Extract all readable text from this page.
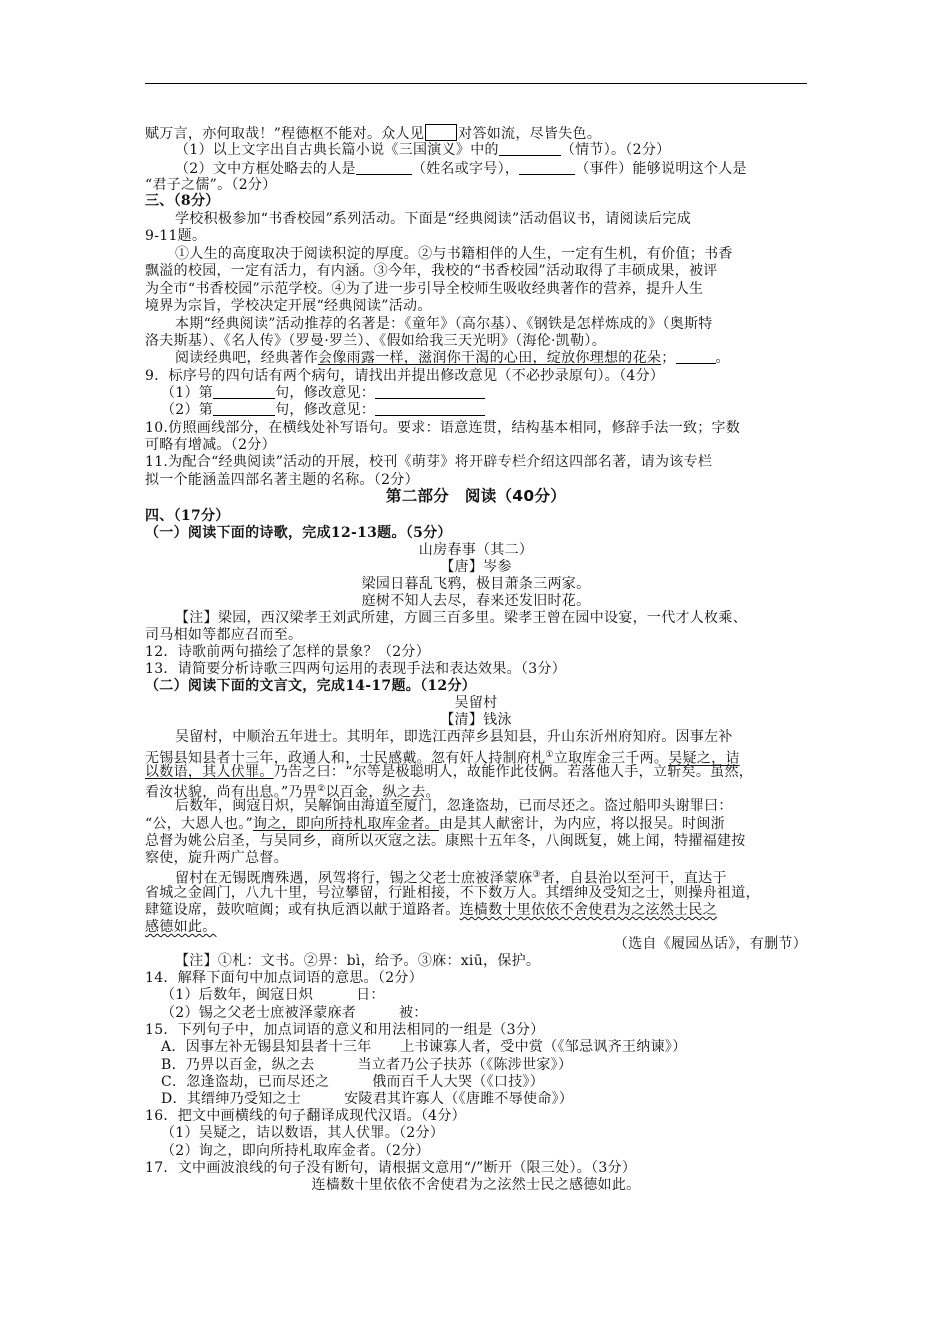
赋万言，亦何取哉！”程德枢不能对。众人见 对答如流，尽皆失色。
（1）以上文字出自古典长篇小说《三国演义》中的	（情节）。（2分）
（2）文中方框处略去的人是	（姓名或字号），	（事件）能够说明这个人是
“君子之儒”。（2分）
三、（8分）
学校积极参加“书香校园”系列活动。下面是“经典阅读”活动倡议书，请阅读后完成
9-11题。
①人生的高度取决于阅读积淀的厚度。②与书籍相伴的人生，一定有生机，有价值；书香
飘溢的校园，一定有活力，有内涵。③今年，我校的“书香校园”活动取得了丰硕成果，被评
为全市“书香校园”示范学校。④为了进一步引导全校师生吸收经典著作的营养，提升人生
境界为宗旨，学校决定开展“经典阅读”活动。
本期“经典阅读”活动推荐的名著是：《童年》（高尔基）、《钢铁是怎样炼成的》（奥斯特
洛夫斯基）、《名人传》（罗曼·罗兰）、《假如给我三天光明》（海伦·凯勒）。
阅读经典吧，经典著作会像雨露一样，滋润你干渴的心田，绽放你理想的花朵；	。
9．标序号的四句话有两个病句，请找出并提出修改意见（不必抄录原句）。（4分）
（1）第	句，修改意见：
（2）第	句，修改意见：
10.仿照画线部分，在横线处补写语句。要求：语意连贯，结构基本相同，修辞手法一致；字数
可略有增减。（2分）
11.为配合“经典阅读”活动的开展，校刊《萌芽》将开辟专栏介绍这四部名著，请为该专栏
拟一个能涵盖四部名著主题的名称。（2分）
第二部分　阅读（40分）
四、（17分）
（一）阅读下面的诗歌，完成12-13题。（5分）
山房春事（其二）
【唐】岑参
梁园日暮乱飞鸦，极目萧条三两家。
庭树不知人去尽，春来还发旧时花。
【注】梁园，西汉梁孝王刘武所建，方圆三百多里。梁孝王曾在园中设宴，一代才人枚乘、
司马相如等都应召而至。
12．诗歌前两句描绘了怎样的景象？（2分）
13．请简要分析诗歌三四两句运用的表现手法和表达效果。（3分）
（二）阅读下面的文言文，完成14-17题。（12分）
吴留村
【清】钱泳
吴留村，中顺治五年进士。其明年，即选江西萍乡县知县，升山东沂州府知府。因事左补
无锡县知县者十三年，政通人和，士民感戴。忽有奸人持制府札①立取库金三千两。吴疑之，诘
以数语，其人伏罪。乃告之曰：“尔等是极聪明人，故能作此伎俩。若落他人手，立斩矣。虽然，
看汝状貌，尚有出息。”乃畀②以百金，纵之去。
后数年，闽寇日炽，吴解饷由海道至厦门，忽逢盗劫，已而尽还之。盗过船叩头谢罪曰：
“公，大恩人也。”询之，即向所持札取库金者。由是其人献密计，为内应，将以报吴。时闽浙
总督为姚公启圣，与吴同乡，商所以灭寇之法。康熙十五年冬，八闽既复，姚上闻，特擢福建按
察使，旋升两广总督。
留村在无锡既膺殊遇，夙驾将行，锡之父老士庶被泽蒙庥③者，自县治以至河干，直达于
省城之金阊门，八九十里，号泣攀留，行趾相接，不下数万人。其缙绅及受知之士，则操舟祖道，
肆筵设席，鼓吹喧阗；或有执卮酒以献于道路者。连樯数十里依依不舍使君为之泫然士民之
感德如此。
（选自《履园丛话》，有删节）
【注】①札：文书。②畀：bì，给予。③庥：xiū，保护。
14．解释下面句中加点词语的意思。（2分）
（1）后数年，闽寇日炽　　　日：
（2）锡之父老士庶被泽蒙庥者　　　被：
15．下列句子中，加点词语的意义和用法相同的一组是（3分）
A．因事左补无锡县知县者十三年　　上书谏寡人者，受中赏（《邹忌讽齐王纳谏》）
B．乃畀以百金，纵之去　　　当立者乃公子扶苏（《陈涉世家》）
C．忽逢盗劫，已而尽还之　　　俄而百千人大哭（《口技》）
D．其缙绅乃受知之士　　　安陵君其许寡人（《唐雎不辱使命》）
16．把文中画横线的句子翻译成现代汉语。（4分）
（1）吴疑之，诘以数语，其人伏罪。（2分）
（2）询之，即向所持札取库金者。（2分）
17．文中画波浪线的句子没有断句，请根据文意用“/”断开（限三处）。（3分）
连樯数十里依依不舍使君为之泫然士民之感德如此。
